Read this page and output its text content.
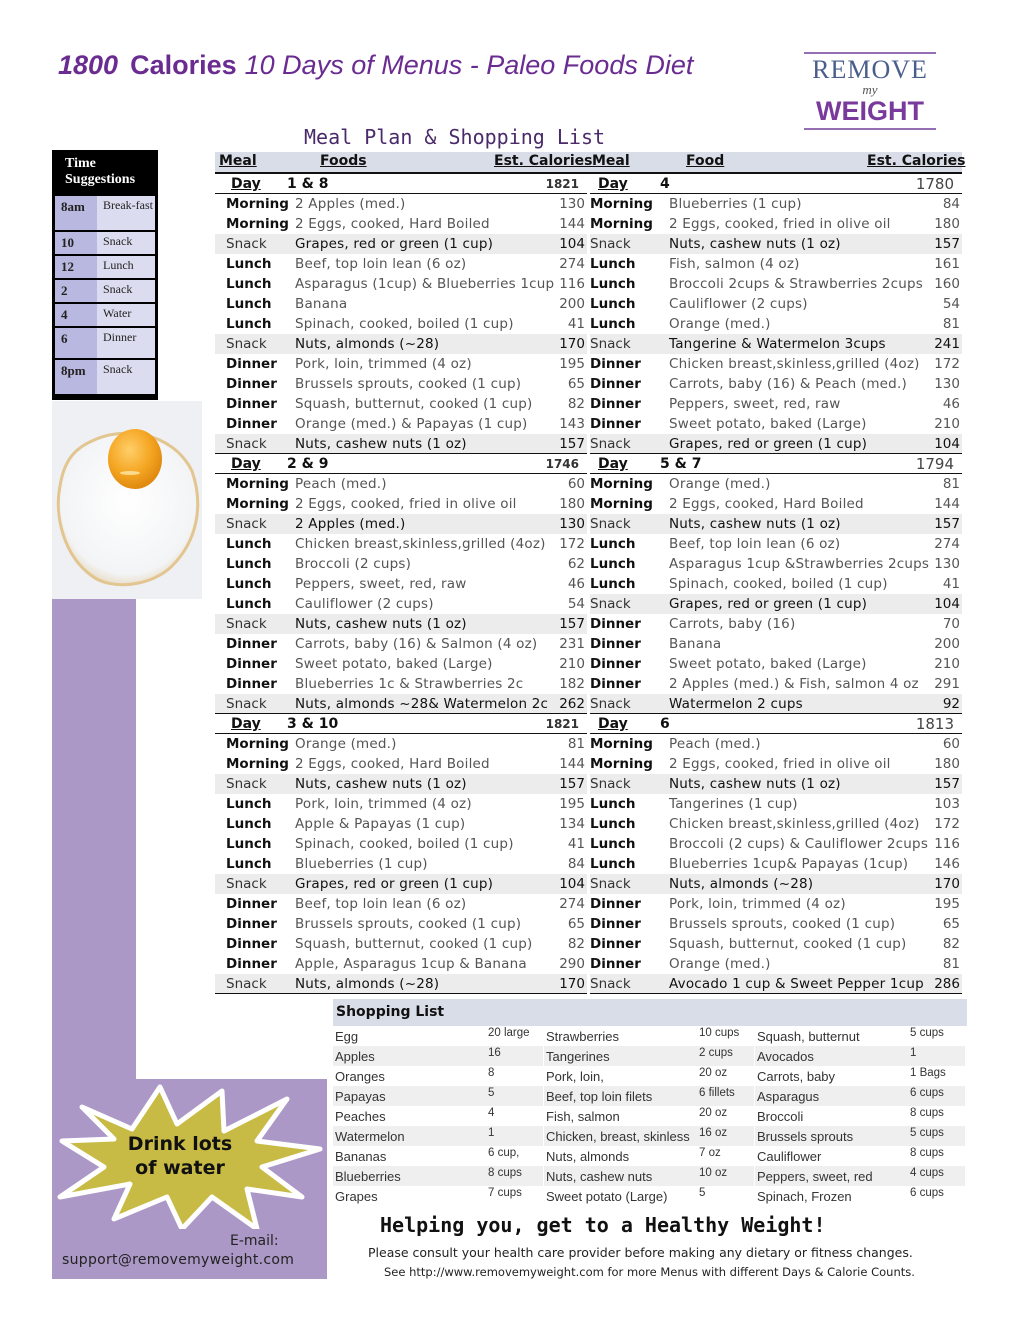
1800 Calories 10 Days of Menus - Paleo Foods Diet	REMOVE
my
WEIGHT
Meal Plan & Shopping List
Time Suggestions
8am	Break-fast
10	Snack
12	Lunch
2	Snack
4	Water
6	Dinner
8pm	Snack
Drink lots
of water
E-mail:
support@removemyweight.com
Meal	Foods	Est. Calories Meal	Food	Est. Calories
Day 1 & 8	1821
Morning 2 Apples (med.)	130
Morning 2 Eggs, cooked, Hard Boiled	144
Snack Grapes, red or green (1 cup)	104
Lunch Beef, top loin lean (6 oz)	274
Lunch Asparagus (1cup) & Blueberries 1cup 116
Lunch Banana	200
Lunch Spinach, cooked, boiled (1 cup)	41
Snack Nuts, almonds (~28)	170
Dinner Pork, loin, trimmed (4 oz)	195
Dinner Brussels sprouts, cooked (1 cup)	65
Dinner Squash, butternut, cooked (1 cup)	82
Dinner Orange (med.) & Papayas (1 cup) 143
Snack Nuts, cashew nuts (1 oz)	157
Day 2 & 9	1746
Morning Peach (med.)	60
Morning 2 Eggs, cooked, fried in olive oil	180
Snack 2 Apples (med.)	130
Lunch Chicken breast,skinless,grilled (4oz) 172
Lunch Broccoli (2 cups)	62
Lunch Peppers, sweet, red, raw	46
Lunch Cauliflower (2 cups)	54
Snack Nuts, cashew nuts (1 oz)	157
Dinner Carrots, baby (16) & Salmon (4 oz) 231
Dinner Sweet potato, baked (Large)	210
Dinner Blueberries 1c & Strawberries 2c	182
Snack Nuts, almonds ~28& Watermelon 2c 262
Day 3 & 10	1821
Morning Orange (med.)	81
Morning 2 Eggs, cooked, Hard Boiled	144
Snack Nuts, cashew nuts (1 oz)	157
Lunch Pork, loin, trimmed (4 oz)	195
Lunch Apple & Papayas (1 cup)	134
Lunch Spinach, cooked, boiled (1 cup)	41
Lunch Blueberries (1 cup)	84
Snack Grapes, red or green (1 cup)	104
Dinner Beef, top loin lean (6 oz)	274
Dinner Brussels sprouts, cooked (1 cup)	65
Dinner Squash, butternut, cooked (1 cup)	82
Dinner Apple, Asparagus 1cup & Banana 290
Snack Nuts, almonds (~28)	170
Day 4	1780
Morning Blueberries (1 cup)	84
Morning 2 Eggs, cooked, fried in olive oil	180
Snack	Nuts, cashew nuts (1 oz)	157
Lunch Fish, salmon (4 oz)	161
Lunch Broccoli 2cups & Strawberries 2cups 160
Lunch Cauliflower (2 cups)	54
Lunch Orange (med.)	81
Snack	Tangerine & Watermelon 3cups	241
Dinner Chicken breast,skinless,grilled (4oz) 172
Dinner Carrots, baby (16) & Peach (med.) 130
Dinner Peppers, sweet, red, raw	46
Dinner Sweet potato, baked (Large)	210
Snack	Grapes, red or green (1 cup)	104
Day 5 & 7	1794
Morning Orange (med.)	81
Morning 2 Eggs, cooked, Hard Boiled	144
Snack	Nuts, cashew nuts (1 oz)	157
Lunch Beef, top loin lean (6 oz)	274
Lunch Asparagus 1cup &Strawberries 2cups 130
Lunch Spinach, cooked, boiled (1 cup)	41
Snack	Grapes, red or green (1 cup)	104
Dinner Carrots, baby (16)	70
Dinner Banana	200
Dinner Sweet potato, baked (Large)	210
Dinner 2 Apples (med.) & Fish, salmon 4 oz 291
Snack	Watermelon 2 cups	92
Day 6	1813
Morning Peach (med.)	60
Morning 2 Eggs, cooked, fried in olive oil	180
Snack	Nuts, cashew nuts (1 oz)	157
Lunch Tangerines (1 cup)	103
Lunch Chicken breast,skinless,grilled (4oz) 172
Lunch Broccoli (2 cups) & Cauliflower 2cups 116
Lunch Blueberries 1cup& Papayas (1cup) 146
Snack	Nuts, almonds (~28)	170
Dinner Pork, loin, trimmed (4 oz)	195
Dinner Brussels sprouts, cooked (1 cup)	65
Dinner Squash, butternut, cooked (1 cup)	82
Dinner Orange (med.)	81
Snack	Avocado 1 cup & Sweet Pepper 1cup 286
Shopping List
Egg	20 large
Apples	16
Oranges	8
Papayas	5
Peaches	4
Watermelon	1
Bananas	6 cup,
Blueberries	8 cups
Grapes	7 cups
Strawberries	10 cups
Tangerines	2 cups
Pork, loin,	20 oz
Beef, top loin filets	6 fillets
Fish, salmon	20 oz
Chicken, breast, skinless 16 oz
Nuts, almonds	7 oz
Nuts, cashew nuts	10 oz
Sweet potato (Large)	5
Squash, butternut	5 cups
Avocados	1
Carrots, baby	1 Bags
Asparagus	6 cups
Broccoli	8 cups
Brussels sprouts	5 cups
Cauliflower	8 cups
Peppers, sweet, red	4 cups
Spinach, Frozen	6 cups
Helping you, get to a Healthy Weight!
Please consult your health care provider before making any dietary or fitness changes.
See http://www.removemyweight.com for more Menus with different Days & Calorie Counts.
